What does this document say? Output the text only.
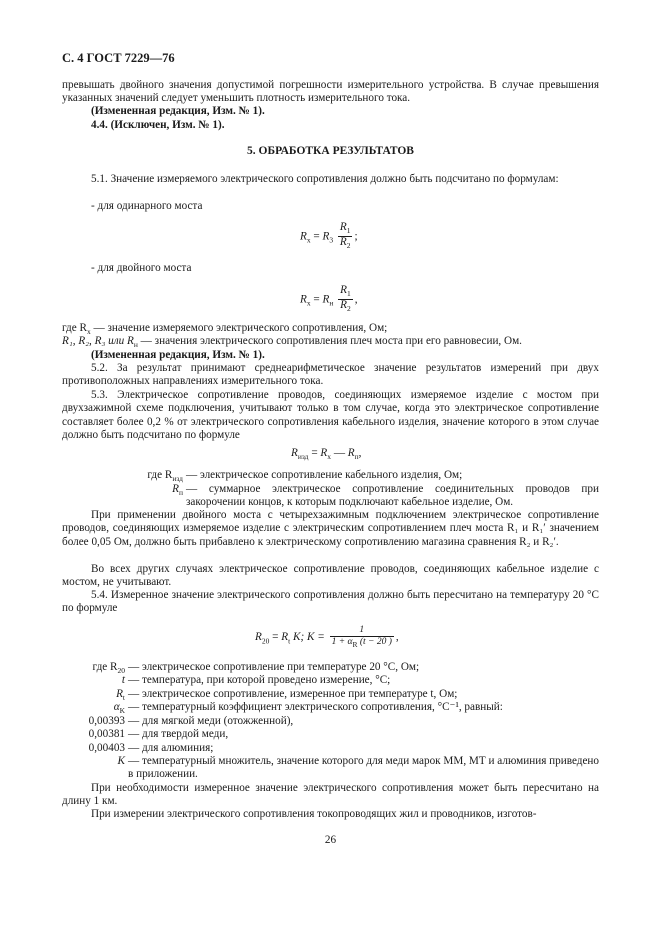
С. 4 ГОСТ 7229—76

превышать двойного значения допустимой погрешности измерительного устройства. В случае превышения указанных значений следует уменьшить плотность измерительного тока.

(Измененная редакция, Изм. № 1).

4.4. (Исключен, Изм. № 1).

5. ОБРАБОТКА РЕЗУЛЬТАТОВ

5.1. Значение измеряемого электрического сопротивления должно быть подсчитано по формулам:

- для одинарного моста

$R_x = R_3 \frac{R_1}{R_2}$ ;

- для двойного моста

$R_x = R_н \frac{R_1}{R_2}$ ,

где $R_x$ — значение измеряемого электрического сопротивления, Ом;

R₁, R₂, R₃ или $R_н$ — значения электрического сопротивления плеч моста при его равновесии, Ом.

(Измененная редакция, Изм. № 1).

5.2. За результат принимают среднеарифметическое значение результатов измерений при двух противоположных направлениях измерительного тока.

5.3. Электрическое сопротивление проводов, соединяющих измеряемое изделие с мостом при двухзажимной схеме подключения, учитывают только в том случае, когда это электрическое сопротивление составляет более 0,2 % от электрического сопротивления кабельного изделия, значение которого в этом случае должно быть подсчитано по формуле

$R_{изд} = R_x$ — $R_п$,
где $R_{изд}$ — электрическое сопротивление кабельного изделия, Ом;
$R_п$ — суммарное электрическое сопротивление соединительных проводов при закорочении концов, к которым подключают кабельное изделие, Ом.

При применении двойного моста с четырехзажимным подключением электрическое сопротивление проводов, соединяющих измеряемое изделие с электрическим сопротивлением плеч моста R₁ и R₁′ значением более 0,05 Ом, должно быть прибавлено к электрическому сопротивлению магазина сравнения R₂ и R₂′.

Во всех других случаях электрическое сопротивление проводов, соединяющих кабельное изделие с мостом, не учитывают.

5.4. Измеренное значение электрического сопротивления должно быть пересчитано на температуру 20 °С по формуле

$R_{20} = R_t$ K; $K = \frac{1}{1 + \alpha_R (t - 20 )}$ ,
где $R_{20}$ — электрическое сопротивление при температуре 20 °С, Ом;
t — температура, при которой проведено измерение, °С;
$R_t$ — электрическое сопротивление, измеренное при температуре t, Ом;
$\alpha_K$ — температурный коэффициент электрического сопротивления, °С⁻¹, равный:
0,00393 — для мягкой меди (отожженной),
0,00381 — для твердой меди,
0,00403 — для алюминия;
K — температурный множитель, значение которого для меди марок ММ, МТ и алюминия приведено в приложении.

При необходимости измеренное значение электрического сопротивления может быть пересчитано на длину 1 км.

При измерении электрического сопротивления токопроводящих жил и проводников, изготов-

26
